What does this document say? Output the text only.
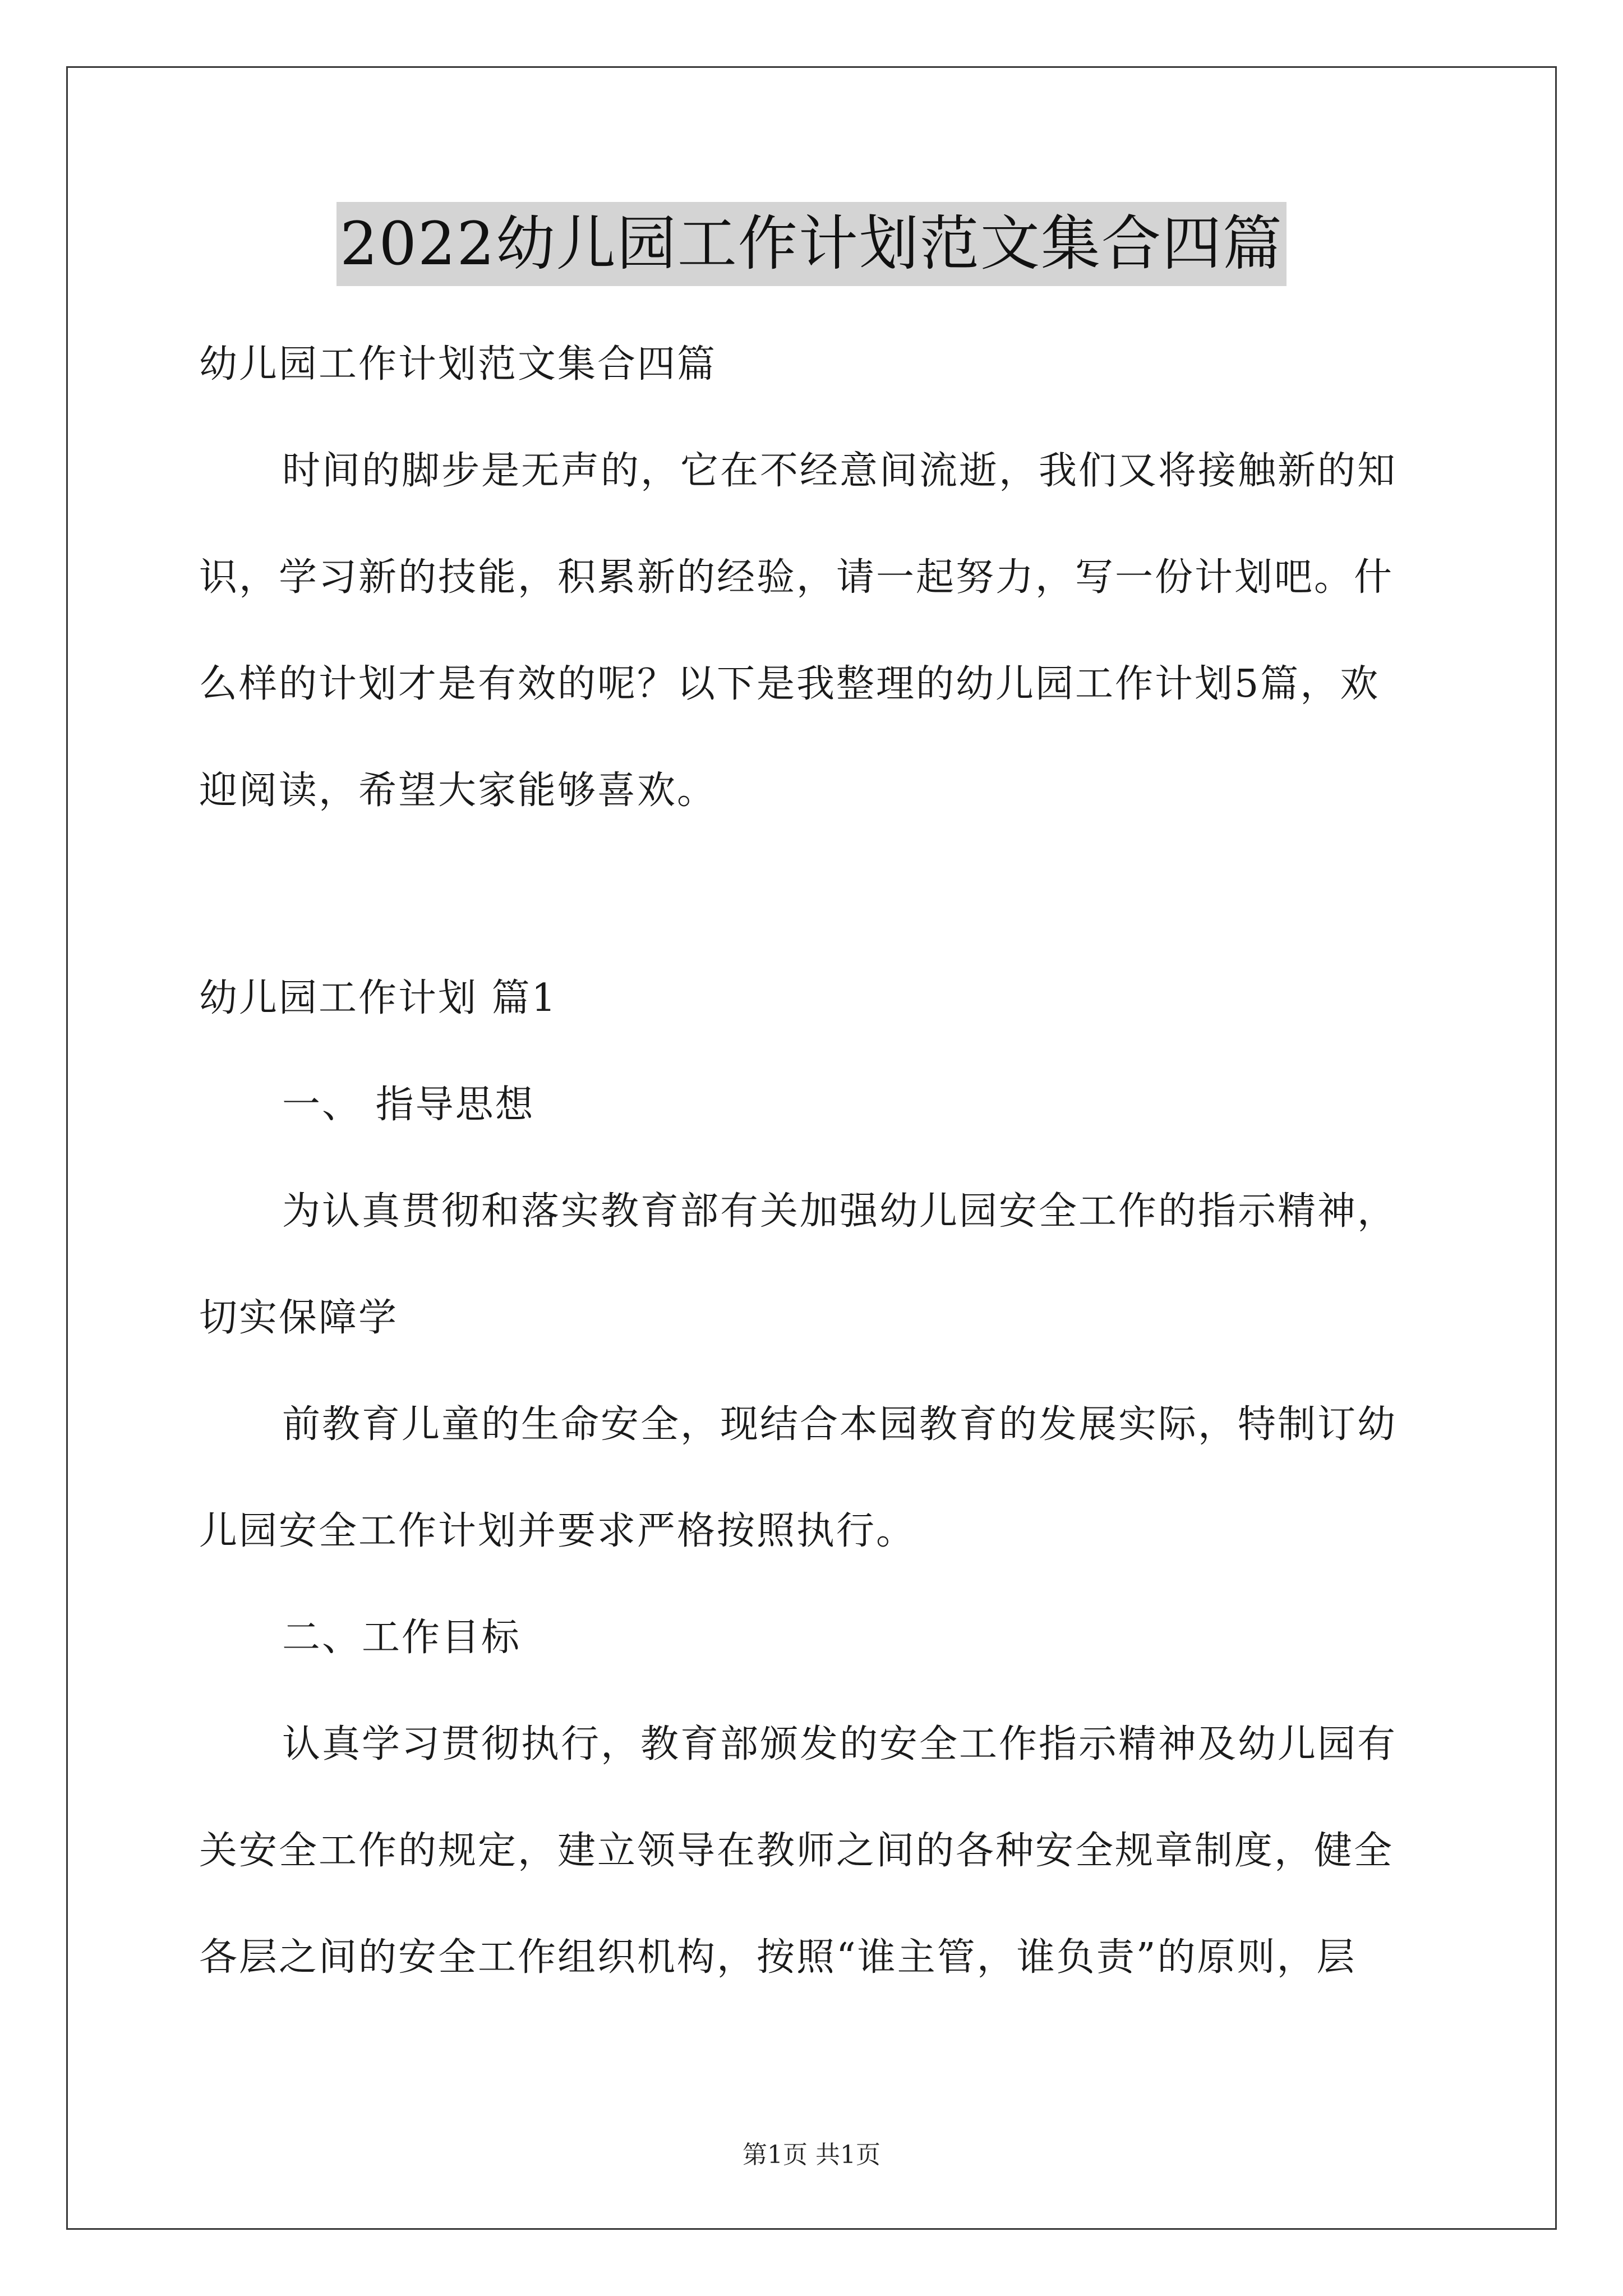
2022幼儿园工作计划范文集合四篇
幼儿园工作计划范文集合四篇
时间的脚步是无声的，它在不经意间流逝，我们又将接触新的知
识，学习新的技能，积累新的经验，请一起努力，写一份计划吧。什
么样的计划才是有效的呢？以下是我整理的幼儿园工作计划5篇，欢
迎阅读，希望大家能够喜欢。
幼儿园工作计划 篇1
一、 指导思想
为认真贯彻和落实教育部有关加强幼儿园安全工作的指示精神，
切实保障学
前教育儿童的生命安全，现结合本园教育的发展实际，特制订幼
儿园安全工作计划并要求严格按照执行。
二、工作目标
认真学习贯彻执行，教育部颁发的安全工作指示精神及幼儿园有
关安全工作的规定，建立领导在教师之间的各种安全规章制度，健全
各层之间的安全工作组织机构，按照“谁主管，谁负责”的原则，层
第1页 共1页
